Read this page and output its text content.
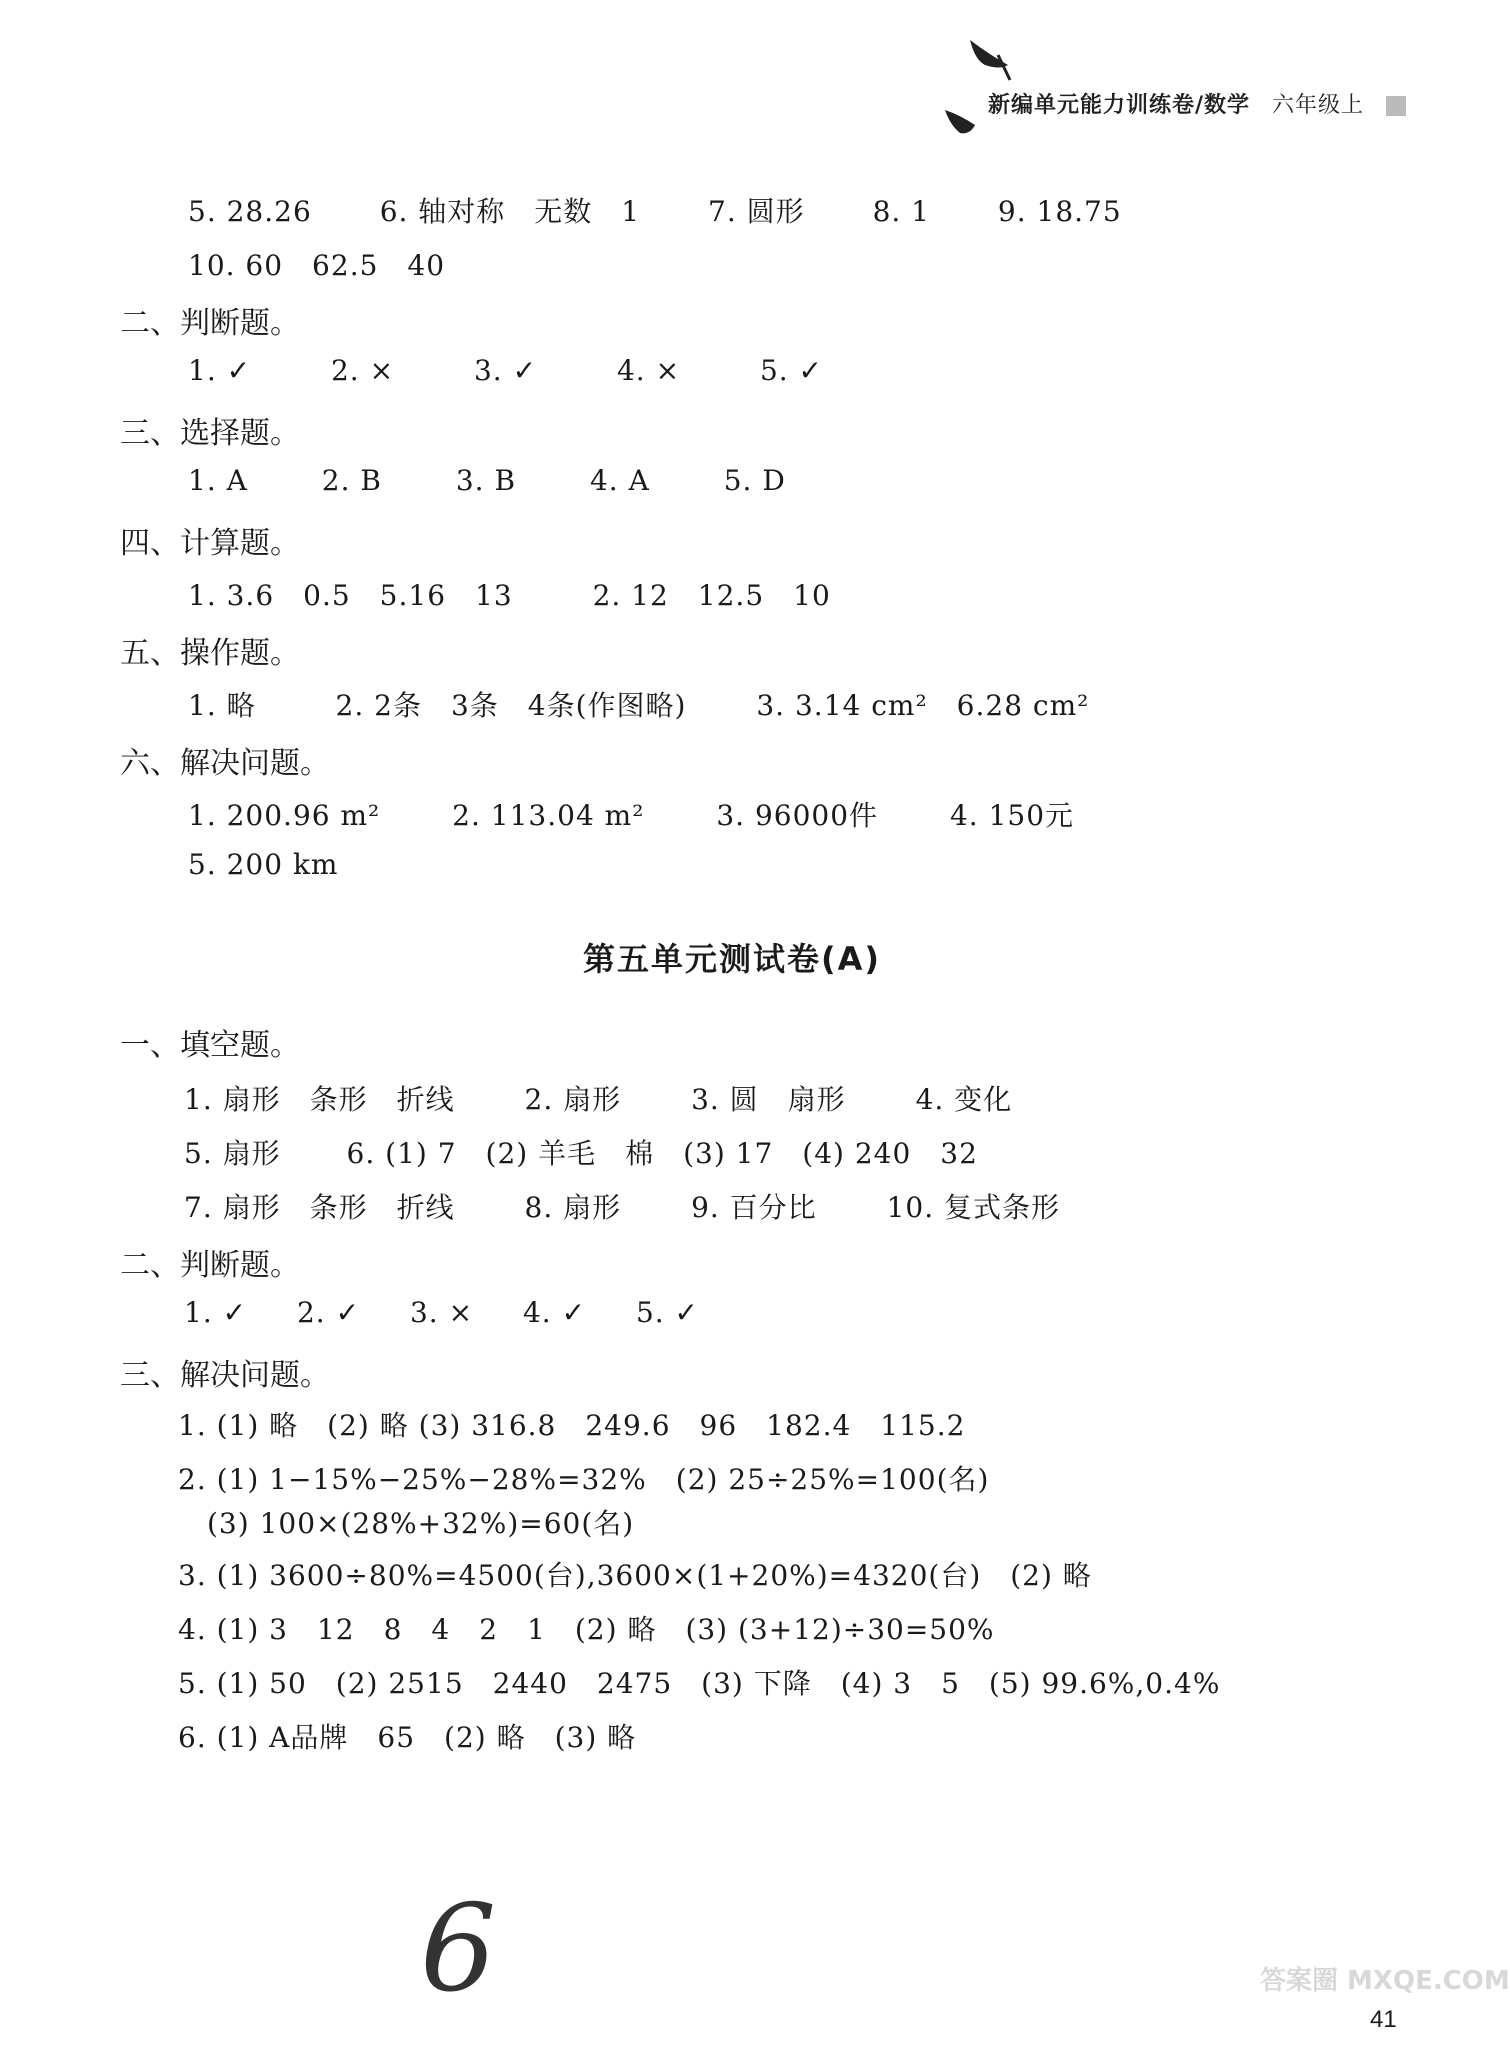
新编单元能力训练卷/数学 六年级上
5. 28.26 6. 轴对称　无数　1 7. 圆形 8. 1 9. 18.75
10. 60　62.5　40
二、判断题。
1. ✓	2. ×	3. ✓	4. ×	5. ✓
三、选择题。
1. A	2. B	3. B	4. A	5. D
四、计算题。
1. 3.6　0.5　5.16　13	2. 12　12.5　10
五、操作题。
1. 略	2. 2条　3条　4条(作图略) 3. 3.14 cm²　6.28 cm²
六、解决问题。
1. 200.96 m²	2. 113.04 m²	3. 96000件	4. 150元
5. 200 km
第五单元测试卷(A)
一、填空题。
1. 扇形　条形　折线 2. 扇形 3. 圆　扇形 4. 变化
5. 扇形 6. (1) 7　(2) 羊毛　棉　(3) 17　(4) 240　32
7. 扇形　条形　折线 8. 扇形 9. 百分比 10. 复式条形
二、判断题。
1. ✓ 2. ✓ 3. × 4. ✓ 5. ✓
三、解决问题。
1. (1) 略　(2) 略 (3) 316.8　249.6　96　182.4　115.2
2. (1) 1−15%−25%−28%=32%　(2) 25÷25%=100(名)
　(3) 100×(28%+32%)=60(名)
3. (1) 3600÷80%=4500(台),3600×(1+20%)=4320(台)　(2) 略
4. (1) 3　12　8　4　2　1　(2) 略　(3) (3+12)÷30=50%
5. (1) 50　(2) 2515　2440　2475　(3) 下降　(4) 3　5　(5) 99.6%,0.4%
6. (1) A品牌　65　(2) 略　(3) 略
6
41
答案圈 MXQE.COM
